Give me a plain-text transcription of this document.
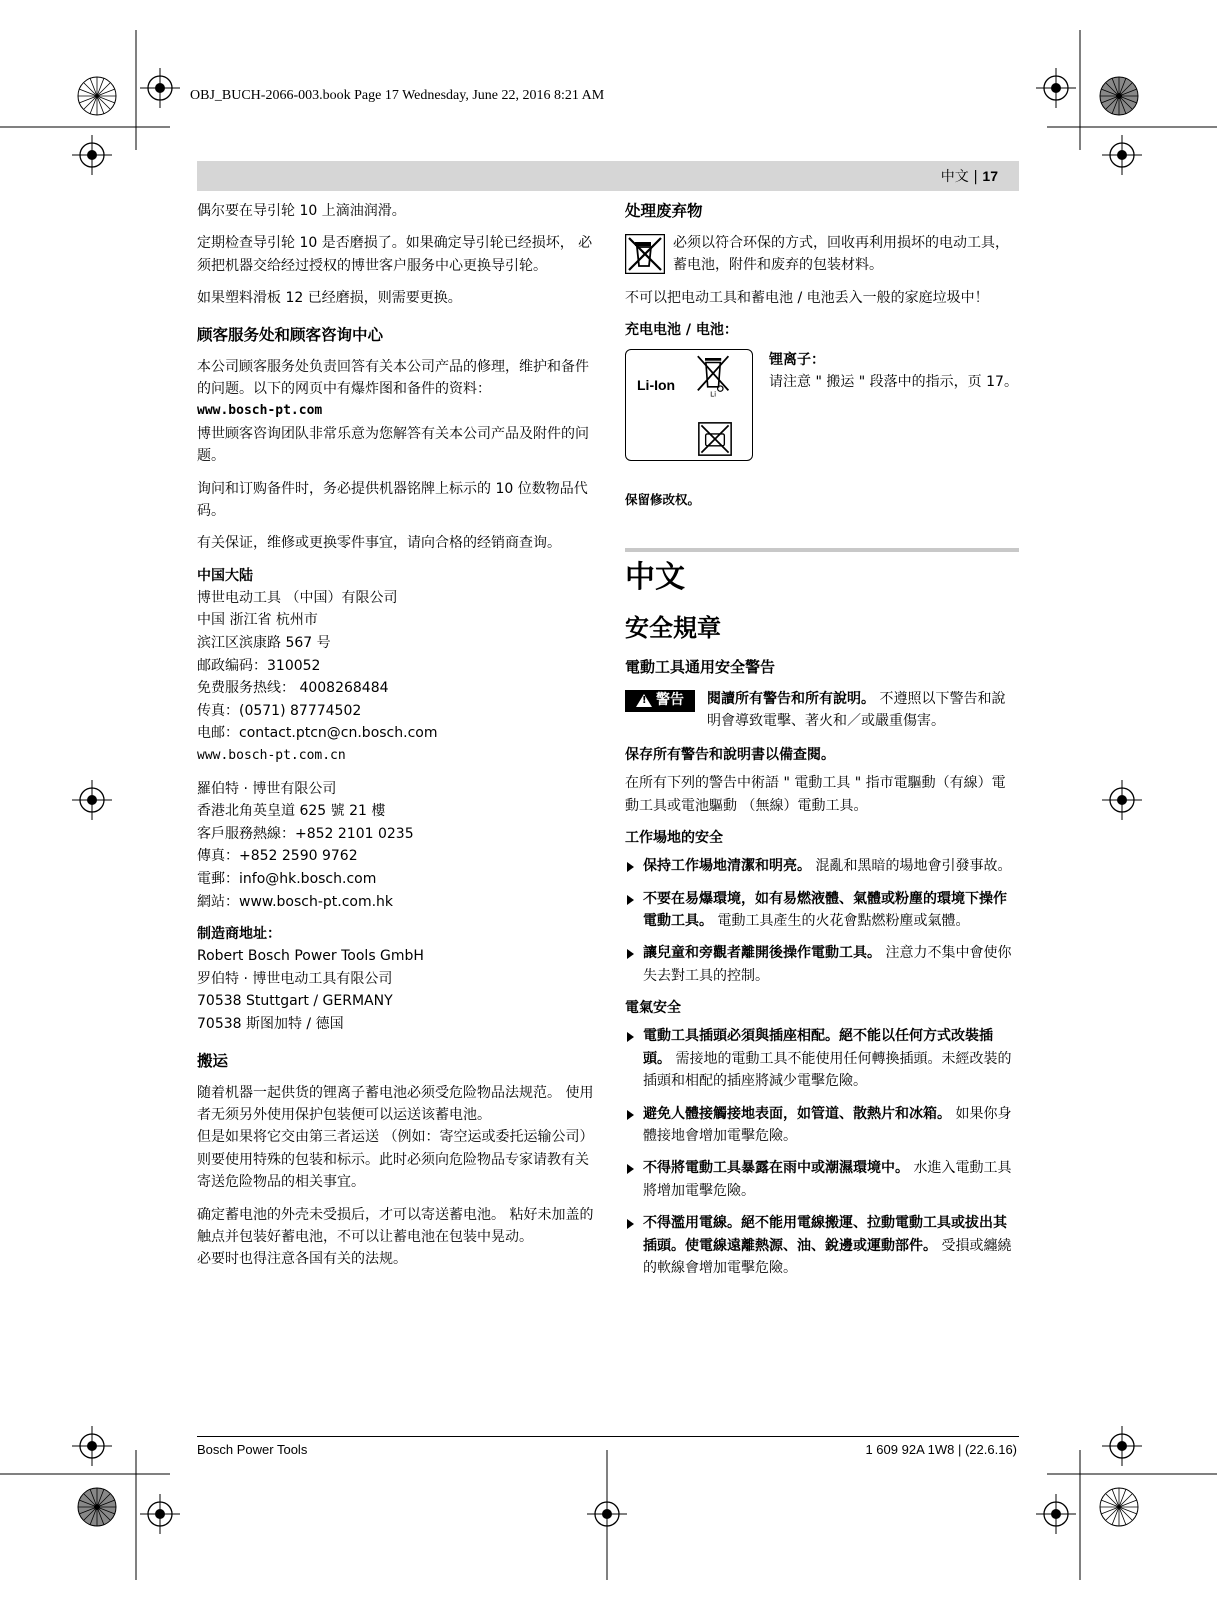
OBJ_BUCH-2066-003.book Page 17 Wednesday, June 22, 2016 8:21 AM
中文 | 17

偶尔要在导引轮 10 上滴油润滑。

定期检查导引轮 10 是否磨损了。如果确定导引轮已经损坏， 必须把机器交给经过授权的博世客户服务中心更换导引轮。

如果塑料滑板 12 已经磨损，则需要更换。

顾客服务处和顾客咨询中心

本公司顾客服务处负责回答有关本公司产品的修理，维护和备件的问题。以下的网页中有爆炸图和备件的资料：

www.bosch-pt.com

博世顾客咨询团队非常乐意为您解答有关本公司产品及附件的问题。

询问和订购备件时，务必提供机器铭牌上标示的 10 位数物品代码。

有关保证，维修或更换零件事宜，请向合格的经销商查询。

中国大陆
博世电动工具 （中国）有限公司
中国 浙江省 杭州市
滨江区滨康路 567 号
邮政编码：310052
免费服务热线： 4008268484
传真：(0571) 87774502
电邮：contact.ptcn@cn.bosch.com
www.bosch-pt.com.cn
羅伯特 · 博世有限公司
香港北角英皇道 625 號 21 樓
客戶服務熱線：+852 2101 0235
傳真：+852 2590 9762
電郵：info@hk.bosch.com
網站：www.bosch-pt.com.hk
制造商地址：
Robert Bosch Power Tools GmbH
罗伯特 · 博世电动工具有限公司
70538 Stuttgart / GERMANY
70538 斯图加特 / 德国
搬运

随着机器一起供货的锂离子蓄电池必须受危险物品法规范。 使用者无须另外使用保护包装便可以运送该蓄电池。

但是如果将它交由第三者运送 （例如：寄空运或委托运输公司）则要使用特殊的包装和标示。此时必须向危险物品专家请教有关寄送危险物品的相关事宜。

确定蓄电池的外壳未受损后，才可以寄送蓄电池。 粘好未加盖的触点并包装好蓄电池，不可以让蓄电池在包装中晃动。

必要时也得注意各国有关的法规。

处理废弃物
必须以符合环保的方式，回收再利用损坏的电动工具，蓄电池，附件和废弃的包装材料。

不可以把电动工具和蓄电池 / 电池丢入一般的家庭垃圾中！

充电电池 / 电池：
Li-Ion
Li
锂离子：
请注意 " 搬运 " 段落中的指示，页 17。

保留修改权。

中文
安全規章
電動工具通用安全警告
!
警告 閱讀所有警告和所有說明。 不遵照以下警告和說明會導致電擊、著火和／或嚴重傷害。
保存所有警告和說明書以備查閱。

在所有下列的警告中術語 " 電動工具 " 指市電驅動（有線）電動工具或電池驅動 （無線）電動工具。

工作場地的安全
保持工作場地清潔和明亮。 混亂和黑暗的場地會引發事故。
不要在易爆環境，如有易燃液體、氣體或粉塵的環境下操作電動工具。 電動工具產生的火花會點燃粉塵或氣體。
讓兒童和旁觀者離開後操作電動工具。 注意力不集中會使你失去對工具的控制。
電氣安全
電動工具插頭必須與插座相配。絕不能以任何方式改裝插頭。 需接地的電動工具不能使用任何轉換插頭。未經改裝的插頭和相配的插座將減少電擊危險。
避免人體接觸接地表面，如管道、散熱片和冰箱。 如果你身體接地會增加電擊危險。
不得將電動工具暴露在雨中或潮濕環境中。 水進入電動工具將增加電擊危險。
不得濫用電線。絕不能用電線搬運、拉動電動工具或拔出其插頭。使電線遠離熱源、油、銳邊或運動部件。 受損或纏繞的軟線會增加電擊危險。
Bosch Power Tools	1 609 92A 1W8 | (22.6.16)
